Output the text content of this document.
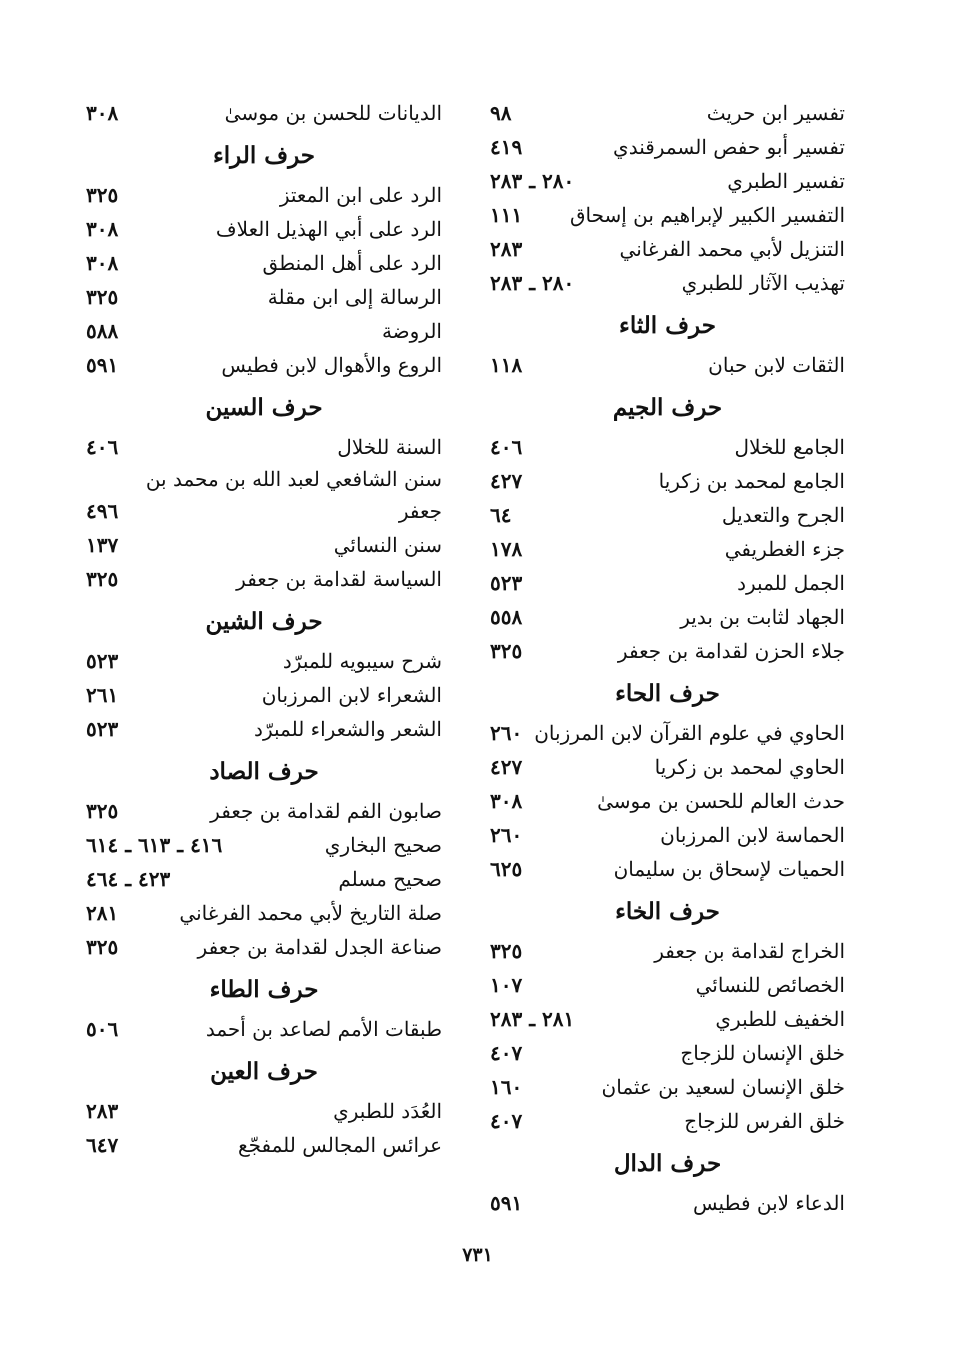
تفسير ابن حريث
٩٨
تفسير أبو حفص السمرقندي
٤١٩
تفسير الطبري
٢٨٠ ـ ٢٨٣
التفسير الكبير لإبراهيم بن إسحاق
١١١
التنزيل لأبي محمد الفرغاني
٢٨٣
تهذيب الآثار للطبري
٢٨٠ ـ ٢٨٣
حرف الثاء
الثقات لابن حبان
١١٨
حرف الجيم
الجامع للخلال
٤٠٦
الجامع لمحمد بن زكريا
٤٢٧
الجرح والتعديل
٦٤
جزء الغطريفي
١٧٨
الجمل للمبرد
٥٢٣
الجهاد لثابت بن بدير
٥٥٨
جلاء الحزن لقدامة بن جعفر
٣٢٥
حرف الحاء
الحاوي في علوم القرآن لابن المرزبان
٢٦٠
الحاوي لمحمد بن زكريا
٤٢٧
حدث العالم للحسن بن موسىٰ
٣٠٨
الحماسة لابن المرزبان
٢٦٠
الحميات لإسحاق بن سليمان
٦٢٥
حرف الخاء
الخراج لقدامة بن جعفر
٣٢٥
الخصائص للنسائي
١٠٧
الخفيف للطبري
٢٨١ ـ ٢٨٣
خلق الإنسان للزجاج
٤٠٧
خلق الإنسان لسعيد بن عثمان
١٦٠
خلق الفرس للزجاج
٤٠٧
حرف الدال
الدعاء لابن فطيس
٥٩١
الديانات للحسن بن موسىٰ
٣٠٨
حرف الراء
الرد على ابن المعتز
٣٢٥
الرد على أبي الهذيل العلاف
٣٠٨
الرد على أهل المنطق
٣٠٨
الرسالة إلى ابن مقلة
٣٢٥
الروضة
٥٨٨
الروع والأهوال لابن فطيس
٥٩١
حرف السين
السنة للخلال
٤٠٦
سنن الشافعي لعبد الله بن محمد بن
جعفر
٤٩٦
سنن النسائي
١٣٧
السياسة لقدامة بن جعفر
٣٢٥
حرف الشين
شرح سيبويه للمبرّد
٥٢٣
الشعراء لابن المرزبان
٢٦١
الشعر والشعراء للمبرّد
٥٢٣
حرف الصاد
صابون الفم لقدامة بن جعفر
٣٢٥
صحيح البخاري
٤١٦ ـ ٦١٣ ـ ٦١٤
صحيح مسلم
٤٢٣ ـ ٤٦٤
صلة التاريخ لأبي محمد الفرغاني
٢٨١
صناعة الجدل لقدامة بن جعفر
٣٢٥
حرف الطاء
طبقات الأمم لصاعد بن أحمد
٥٠٦
حرف العين
العُدَد للطبري
٢٨٣
عرائس المجالس للمفجّع
٦٤٧
٧٣١
